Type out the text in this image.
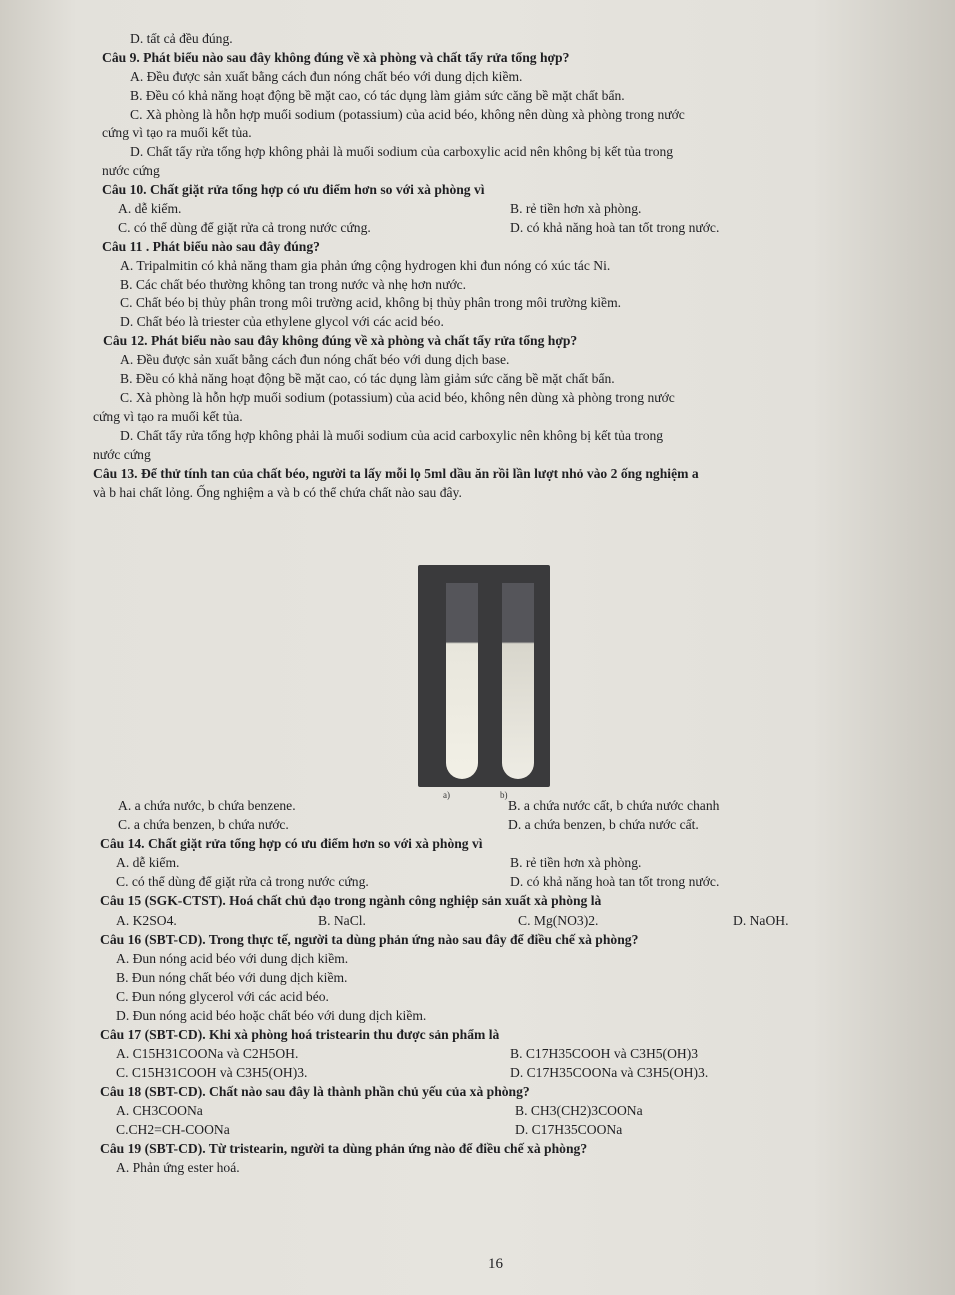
D. tất cả đều đúng.
Câu 9. Phát biểu nào sau đây không đúng về xà phòng và chất tẩy rửa tổng hợp?
A. Đều được sản xuất bằng cách đun nóng chất béo với dung dịch kiềm.
B. Đều có khả năng hoạt động bề mặt cao, có tác dụng làm giảm sức căng bề mặt chất bẩn.
C. Xà phòng là hỗn hợp muối sodium (potassium) của acid béo, không nên dùng xà phòng trong nước
cứng vì tạo ra muối kết tủa.
D. Chất tẩy rửa tổng hợp không phải là muối sodium của carboxylic acid nên không bị kết tủa trong
nước cứng
Câu 10. Chất giặt rửa tổng hợp có ưu điểm hơn so với xà phòng vì
A. dễ kiếm.	B. rẻ tiền hơn xà phòng.
C. có thể dùng để giặt rửa cả trong nước cứng.	D. có khả năng hoà tan tốt trong nước.
Câu 11 . Phát biểu nào sau đây đúng?
A. Tripalmitin có khả năng tham gia phản ứng cộng hydrogen khi đun nóng có xúc tác Ni.
B. Các chất béo thường không tan trong nước và nhẹ hơn nước.
C. Chất béo bị thủy phân trong môi trường acid, không bị thủy phân trong môi trường kiềm.
D. Chất béo là triester của ethylene glycol với các acid béo.
Câu 12. Phát biểu nào sau đây không đúng về xà phòng và chất tẩy rửa tổng hợp?
A. Đều được sản xuất bằng cách đun nóng chất béo với dung dịch base.
B. Đều có khả năng hoạt động bề mặt cao, có tác dụng làm giảm sức căng bề mặt chất bẩn.
C. Xà phòng là hỗn hợp muối sodium (potassium) của acid béo, không nên dùng xà phòng trong nước
cứng vì tạo ra muối kết tủa.
D. Chất tẩy rửa tổng hợp không phải là muối sodium của acid carboxylic nên không bị kết tủa trong
nước cứng
Câu 13. Để thử tính tan của chất béo, người ta lấy mỗi lọ 5ml dầu ăn rồi lần lượt nhỏ vào 2 ống nghiệm a
và b hai chất lỏng. Ống nghiệm a và b có thể chứa chất nào sau đây.
a)	b)
A. a chứa nước, b chứa benzene.	B. a chứa nước cất, b chứa nước chanh
C. a chứa benzen, b chứa nước.	D. a chứa benzen, b chứa nước cất.
Câu 14. Chất giặt rửa tổng hợp có ưu điểm hơn so với xà phòng vì
A. dễ kiếm.	B. rẻ tiền hơn xà phòng.
C. có thể dùng để giặt rửa cả trong nước cứng.	D. có khả năng hoà tan tốt trong nước.
Câu 15 (SGK-CTST). Hoá chất chủ đạo trong ngành công nghiệp sản xuất xà phòng là
A. K2SO4.	B. NaCl.	C. Mg(NO3)2.	D. NaOH.
Câu 16 (SBT-CD). Trong thực tế, người ta dùng phản ứng nào sau đây để điều chế xà phòng?
A. Đun nóng acid béo với dung dịch kiềm.
B. Đun nóng chất béo với dung dịch kiềm.
C. Đun nóng glycerol với các acid béo.
D. Đun nóng acid béo hoặc chất béo với dung dịch kiềm.
Câu 17 (SBT-CD). Khi xà phòng hoá tristearin thu được sản phẩm là
A. C15H31COONa và C2H5OH.	B. C17H35COOH và C3H5(OH)3
C. C15H31COOH và C3H5(OH)3.	D. C17H35COONa và C3H5(OH)3.
Câu 18 (SBT-CD). Chất nào sau đây là thành phần chủ yếu của xà phòng?
A. CH3COONa	B. CH3(CH2)3COONa
C.CH2=CH-COONa	D. C17H35COONa
Câu 19 (SBT-CD). Từ tristearin, người ta dùng phản ứng nào để điều chế xà phòng?
A. Phản ứng ester hoá.
16
